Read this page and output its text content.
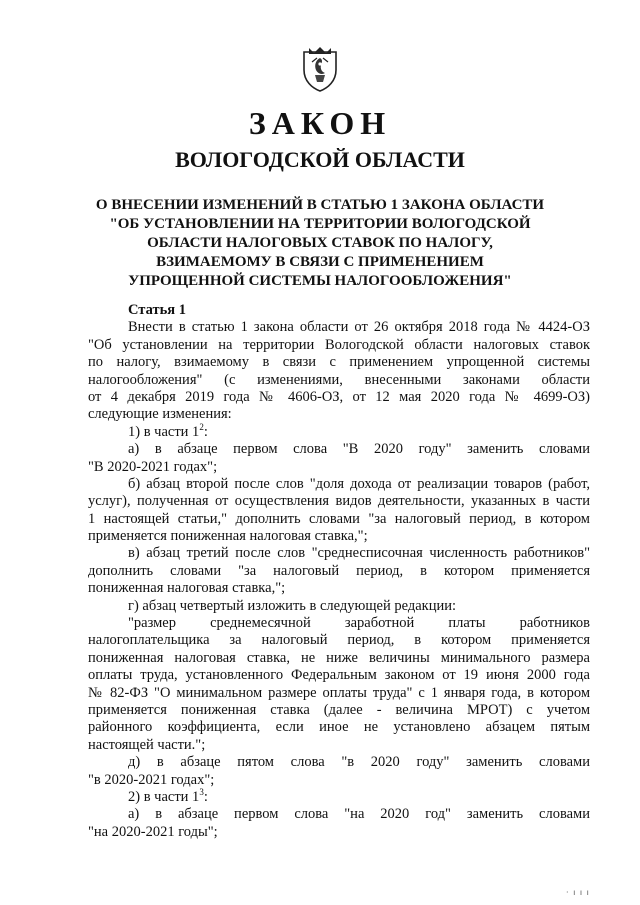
ЗАКОН
ВОЛОГОДСКОЙ ОБЛАСТИ
О ВНЕСЕНИИ ИЗМЕНЕНИЙ В СТАТЬЮ 1 ЗАКОНА ОБЛАСТИ
"ОБ УСТАНОВЛЕНИИ НА ТЕРРИТОРИИ ВОЛОГОДСКОЙ
ОБЛАСТИ НАЛОГОВЫХ СТАВОК ПО НАЛОГУ,
ВЗИМАЕМОМУ В СВЯЗИ С ПРИМЕНЕНИЕМ
УПРОЩЕННОЙ СИСТЕМЫ НАЛОГООБЛОЖЕНИЯ"
Статья 1
Внести в статью 1 закона области от 26 октября 2018 года № 4424-ОЗ
"Об установлении на территории Вологодской области налоговых ставок
по налогу, взимаемому в связи с применением упрощенной системы
налогообложения" (с изменениями, внесенными законами области
от 4 декабря 2019 года № 4606-ОЗ, от 12 мая 2020 года № 4699-ОЗ)
следующие изменения:
1) в части $1^2$:
а) в абзаце первом слова "В 2020 году" заменить словами
"В 2020-2021 годах";
б) абзац второй после слов "доля дохода от реализации товаров (работ,
услуг), полученная от осуществления видов деятельности, указанных в части
1 настоящей статьи," дополнить словами "за налоговый период, в котором
применяется пониженная налоговая ставка,";
в) абзац третий после слов "среднесписочная численность работников"
дополнить словами "за налоговый период, в котором применяется
пониженная налоговая ставка,";
г) абзац четвертый изложить в следующей редакции:
"размер среднемесячной заработной платы работников
налогоплательщика за налоговый период, в котором применяется
пониженная налоговая ставка, не ниже величины минимального размера
оплаты труда, установленного Федеральным законом от 19 июня 2000 года
№ 82-ФЗ "О минимальном размере оплаты труда" с 1 января года, в котором
применяется пониженная ставка (далее - величина МРОТ) с учетом
районного коэффициента, если иное не установлено абзацем пятым
настоящей части.";
д) в абзаце пятом слова "в 2020 году" заменить словами
"в 2020-2021 годах";
2) в части $1^3$:
а) в абзаце первом слова "на 2020 год" заменить словами
"на 2020-2021 годы";
· ı ı ı
